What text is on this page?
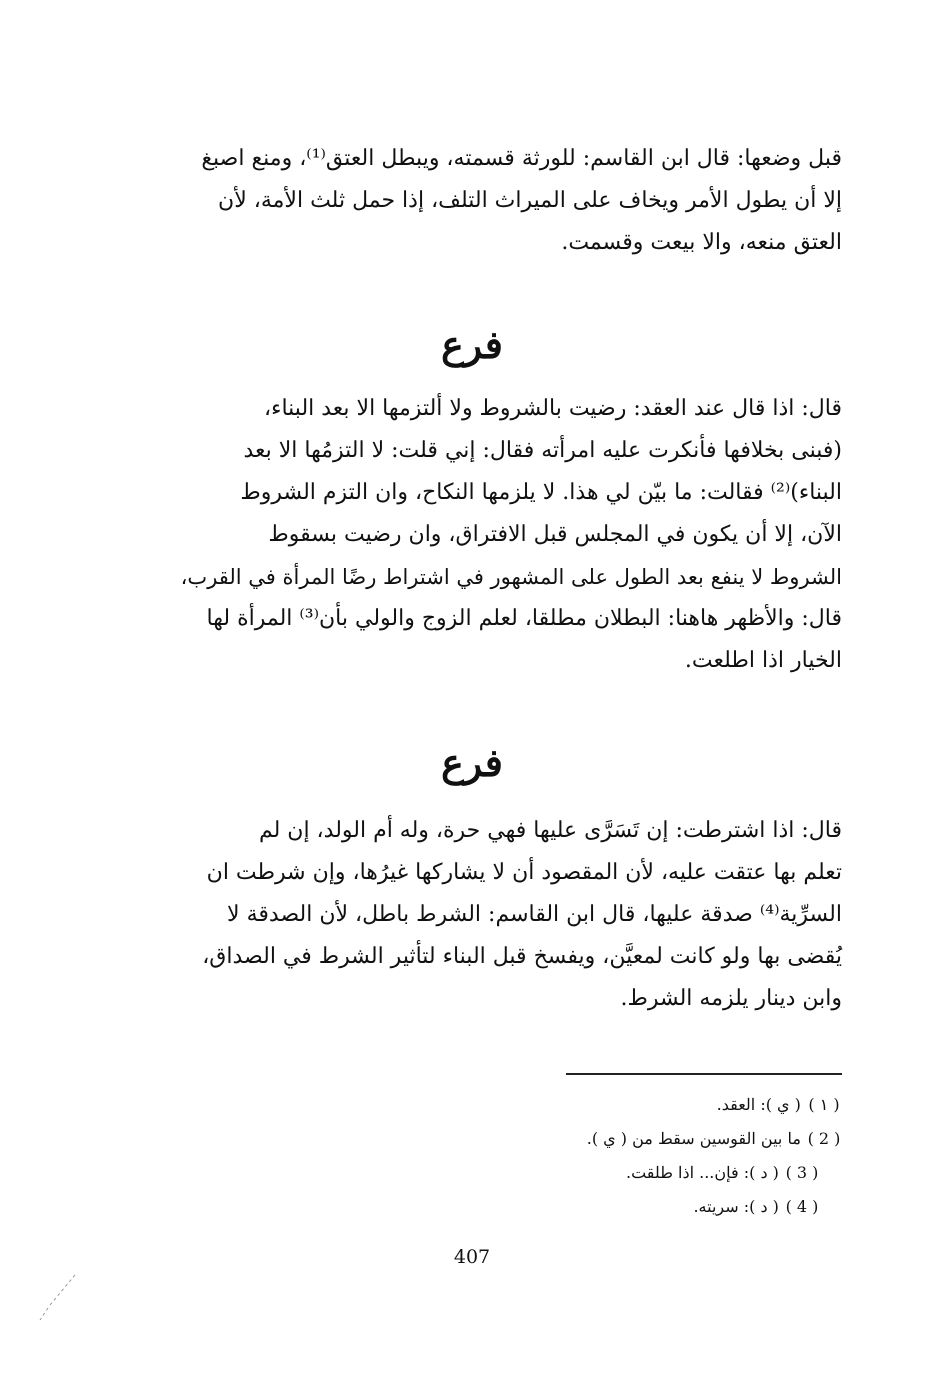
قبل وضعها: قال ابن القاسم: للورثة قسمته، ويبطل العتق⁽¹⁾، ومنع اصبغ
إلا أن يطول الأمر ويخاف على الميراث التلف، إذا حمل ثلث الأمة، لأن
العتق منعه، والا بيعت وقسمت.
فرع
قال: اذا قال عند العقد: رضيت بالشروط ولا ألتزمها الا بعد البناء،
(فبنى بخلافها فأنكرت عليه امرأته فقال: إني قلت: لا التزمُها الا بعد
البناء)⁽²⁾ فقالت: ما بيّن لي هذا. لا يلزمها النكاح، وان التزم الشروط
الآن، إلا أن يكون في المجلس قبل الافتراق، وان رضيت بسقوط
الشروط لا ينفع بعد الطول على المشهور في اشتراط رضًا المرأة في القرب،
قال: والأظهر هاهنا: البطلان مطلقا، لعلم الزوج والولي بأن⁽³⁾ المرأة لها
الخيار اذا اطلعت.
فرع
قال: اذا اشترطت: إن تَسَرَّى عليها فهي حرة، وله أم الولد، إن لم
تعلم بها عتقت عليه، لأن المقصود أن لا يشاركها غيرُها، وإن شرطت ان
السرِّية⁽⁴⁾ صدقة عليها، قال ابن القاسم: الشرط باطل، لأن الصدقة لا
يُقضى بها ولو كانت لمعيَّن، ويفسخ قبل البناء لتأثير الشرط في الصداق،
وابن دينار يلزمه الشرط.
( ١ ) ( ي ): العقد.
( 2 ) ما بين القوسين سقط من ( ي ).
( 3 ) ( د ): فإن... اذا طلقت.
( 4 ) ( د ): سريته.
407
